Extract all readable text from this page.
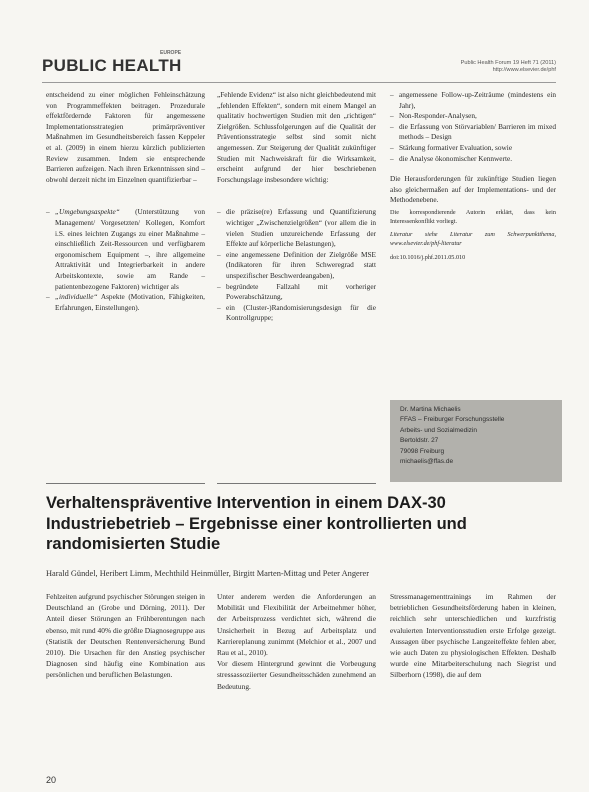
EUROPE
PUBLIC HEALTH	Public Health Forum 19 Heft 71 (2011)
http://www.elsevier.de/phf

entscheidend zu einer möglichen Fehleinschätzung von Programmeffekten beitragen. Prozedurale effektfördernde Faktoren für angemessene Implementationsstrategien primärpräventiver Maßnahmen im Gesundheitsbereich fassen Keppeler et al. (2009) in einem hierzu kürzlich publizierten Review zusammen. Indem sie entsprechende Barrieren aufzeigen. Nach ihren Erkenntnissen sind – obwohl derzeit nicht im Einzelnen quantifizierbar –

– „Umgebungsaspekte“ (Unterstützung von Management/ Vorgesetzten/ Kollegen, Komfort i.S. eines leichten Zugangs zu einer Maßnahme – einschließlich Zeit-Ressourcen und verfügbarem ergonomischem Equipment –, ihre allgemeine Attraktivität und Integrierbarkeit in andere Arbeitskontexte, sowie am Rande – patientenbezogene Faktoren) wichtiger als
– „individuelle“ Aspekte (Motivation, Fähigkeiten, Erfahrungen, Einstellungen).

„Fehlende Evidenz“ ist also nicht gleichbedeutend mit „fehlenden Effekten“, sondern mit einem Mangel an qualitativ hochwertigen Studien mit den „richtigen“ Zielgrößen. Schlussfolgerungen auf die Qualität der Präventionsstrategie selbst sind somit nicht angemessen. Zur Steigerung der Qualität zukünftiger Studien mit Nachweiskraft für die Wirksamkeit, erscheint aufgrund der hier beschriebenen Forschungslage insbesondere wichtig:

– die präzise(re) Erfassung und Quantifizierung wichtiger „Zwischenzielgrößen“ (vor allem die in vielen Studien unzureichende Erfassung der Effekte auf körperliche Belastungen),
– eine angemessene Definition der Zielgröße MSE (Indikatoren für ihren Schweregrad statt unspezifischer Beschwerdeangaben),
– begründete Fallzahl mit vorheriger Powerabschätzung,
– ein (Cluster-)Randomisierungsdesign für die Kontrollgruppe;
– angemessene Follow-up-Zeiträume (mindestens ein Jahr),
– Non-Responder-Analysen,
– die Erfassung von Störvariablen/ Barrieren im mixed methods – Design
– Stärkung formativer Evaluation, sowie
– die Analyse ökonomischer Kennwerte.

Die Herausforderungen für zukünftige Studien liegen also gleichermaßen auf der Implementations- und der Methodenebene.

Die korrespondierende Autorin erklärt, dass kein Interessenkonflikt vorliegt.

Literatur siehe Literatur zum Schwerpunktthema, www.elsevier.de/phf-literatur

doi:10.1016/j.phf.2011.05.010

Dr. Martina Michaelis
FFAS – Freiburger Forschungsstelle
Arbeits- und Sozialmedizin
Bertoldstr. 27
79098 Freiburg
michaelis@ffas.de
Verhaltenspräventive Intervention in einem DAX-30 Industriebetrieb – Ergebnisse einer kontrollierten und randomisierten Studie
Harald Gündel, Heribert Limm, Mechthild Heinmüller, Birgitt Marten-Mittag und Peter Angerer

Fehlzeiten aufgrund psychischer Störungen steigen in Deutschland an (Grobe und Dörning, 2011). Der Anteil dieser Störungen an Frühberentungen nach ebenso, mit rund 40% die größte Diagnosegruppe aus (Statistik der Deutschen Rentenversicherung Bund 2010). Die Ursachen für den Anstieg psychischer Diagnosen sind häufig eine Kombination aus persönlichen und beruflichen Belastungen.

Unter anderem werden die Anforderungen an Mobilität und Flexibilität der Arbeitnehmer höher, der Arbeitsprozess verdichtet sich, während die Unsicherheit in Bezug auf Arbeitsplatz und Karriereplanung zunimmt (Melchior et al., 2007 und Rau et al., 2010).

Vor diesem Hintergrund gewinnt die Vorbeugung stressassoziierter Gesundheitsschäden zunehmend an Bedeutung.

Stressmanagementtrainings im Rahmen der betrieblichen Gesundheitsförderung haben in kleinen, reichlich sehr unterschiedlichen und kurzfristig evaluierten Interventionsstudien erste Erfolge gezeigt. Aussagen über psychische Langzeiteffekte fehlen aber, wie auch Daten zu physiologischen Effekten. Deshalb wurde eine Mitarbeiterschulung nach Siegrist und Silberhorn (1998), die auf dem

20
